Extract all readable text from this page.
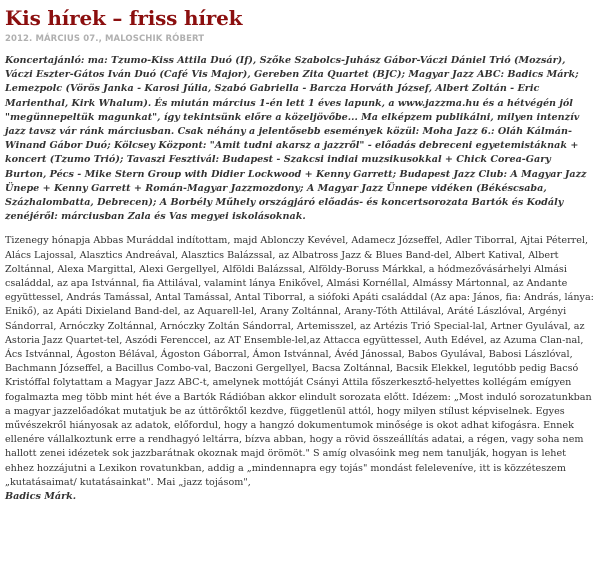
Kis hírek – friss hírek
2012. MÁRCIUS 07., MALOSCHIK RÓBERT

Koncertajánló: ma: Tzumo-Kiss Attila Duó (If), Szőke Szabolcs-Juhász Gábor-Váczi Dániel Trió (Mozsár), Váczi Eszter-Gátos Iván Duó (Café Vis Major), Gereben Zita Quartet (BJC); Magyar Jazz ABC: Badics Márk; Lemezpolc (Vörös Janka - Karosi Júlia, Szabó Gabriella - Barcza Horváth József, Albert Zoltán - Eric Marienthal, Kirk Whalum). És miután március 1-én lett 1 éves lapunk, a www.jazzma.hu és a hétvégén jól "megünnepeltük magunkat", így tekintsünk előre a közeljövőbe... Ma elképzem publikálni, milyen intenzív jazz tavsz vár ránk márciusban. Csak néhány a jelentősebb események közül: Moha Jazz 6.: Oláh Kálmán-Winand Gábor Duó; Kölcsey Központ: "Amit tudni akarsz a jazzről" - előadás debreceni egyetemistáknak + koncert (Tzumo Trió); Tavaszi Fesztivál: Budapest - Szakcsi indiai muzsikusokkal + Chick Corea-Gary Burton, Pécs - Mike Stern Group with Didier Lockwood + Kenny Garrett; Budapest Jazz Club: A Magyar Jazz Ünepe + Kenny Garrett + Román-Magyar Jazzmozdony; A Magyar Jazz Ünnepe vidéken (Békéscsaba, Százhalombatta, Debrecen); A Borbély Műhely országjáró előadás- és koncertsorozata Bartók és Kodály zenéjéről: márciusban Zala és Vas megyei iskolásoknak.

Tizenegy hónapja Abbas Muráddal indítottam, majd Ablonczy Kevével, Adamecz Józseffel, Adler Tiborral, Ajtai Péterrel, Alács Lajossal, Alasztics Andreával, Alasztics Balázssal, az Albatross Jazz & Blues Band-del, Albert Katival, Albert Zoltánnal, Alexa Margittal, Alexi Gergellyel, Alföldi Balázssal, Alföldy-Boruss Márkkal, a hódmezővásárhelyi Almási családdal, az apa Istvánnal, fia Attilával, valamint lánya Enikővel, Almási Kornéllal, Almássy Mártonnal, az Andante együttessel, András Tamással, Antal Tamással, Antal Tiborral, a siófoki Apáti családdal (Az apa: János, fia: András, lánya: Enikő), az Apáti Dixieland Band-del, az Aquarell-lel, Arany Zoltánnal, Arany-Tóth Attilával, Aráté Lászlóval, Argényi Sándorral, Arnóczky Zoltánnal, Arnóczky Zoltán Sándorral, Artemisszel, az Artézis Trió Special-lal, Artner Gyulával, az Astoria Jazz Quartet-tel, Aszódi Ferenccel, az AT Ensemble-lel,az Attacca együttessel, Auth Edével, az Azuma Clan-nal, Ács Istvánnal, Ágoston Bélával, Ágoston Gáborral, Ámon Istvánnal, Ávéd Jánossal, Babos Gyulával, Babosi Lászlóval, Bachmann Józseffel, a Bacillus Combo-val, Baczoni Gergellyel, Bacsa Zoltánnal, Bacsik Elekkel, legutóbb pedig Bacsó Kristóffal folytattam a Magyar Jazz ABC-t, amelynek mottóját Csányi Attila főszerkesztő-helyettes kollégám emígyen fogalmazta meg több mint hét éve a Bartók Rádióban akkor elindult sorozata előtt. Idézem: „Most induló sorozatunkban a magyar jazzelőadókat mutatjuk be az úttörőktől kezdve, függetlenül attól, hogy milyen stílust képviselnek. Egyes művészekről hiányosak az adatok, előfordul, hogy a hangzó dokumentumok minősége is okot adhat kifogásra. Ennek ellenére vállalkoztunk erre a rendhagyó leltárra, bízva abban, hogy a rövid összeállítás adatai, a régen, vagy soha nem hallott zenei idézetek sok jazzbarátnak okoznak majd örömöt." S amíg olvasóink meg nem tanulják, hogyan is lehet ehhez hozzájutni a Lexikon rovatunkban, addig a „mindennapra egy tojás" mondást feleleveníve, itt is közzéteszem „kutatásaimat/ kutatásainkat". Mai „jazz tojásom",
Badics Márk.
